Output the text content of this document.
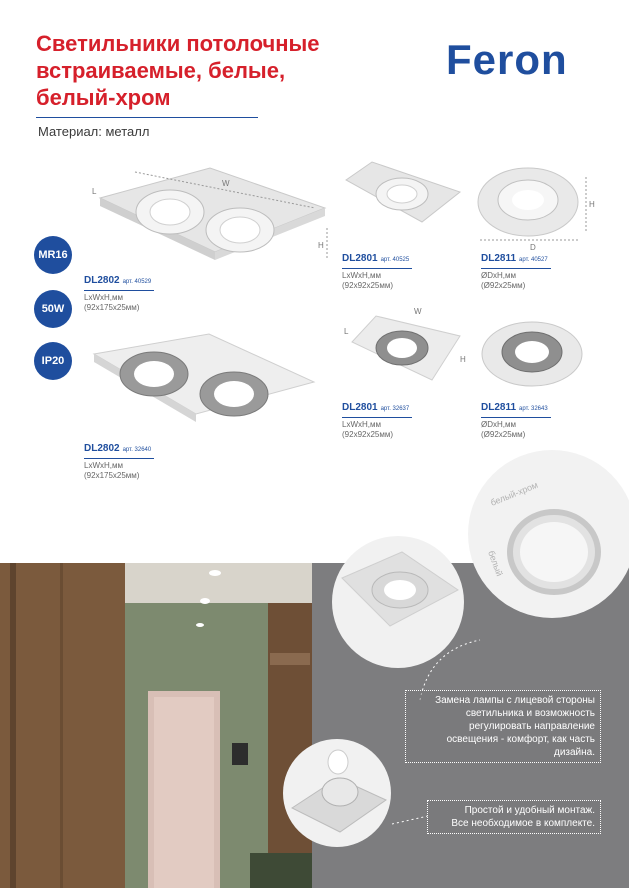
Светильники потолочные
встраиваемые, белые,
белый-хром
Материал: металл
Feron
MR16
50W
IP20
W
L
H	D
H
W
L
H
DL2802 арт. 40529
LxWxH,мм
(92x175x25мм)
DL2802 арт. 32640
LxWxH,мм
(92x175x25мм)
DL2801 арт. 40525
LxWxH,мм
(92x92x25мм)
DL2811 арт. 40527
ØDxH,мм
(Ø92x25мм)
DL2801 арт. 32637
LxWxH,мм
(92x92x25мм)
DL2811 арт. 32643
ØDxH,мм
(Ø92x25мм)
белый-хром
белый
Замена лампы с лицевой стороны
светильника и возможность
регулировать направление
освещения - комфорт, как часть
дизайна.
Простой и удобный монтаж.
Все необходимое в комплекте.
